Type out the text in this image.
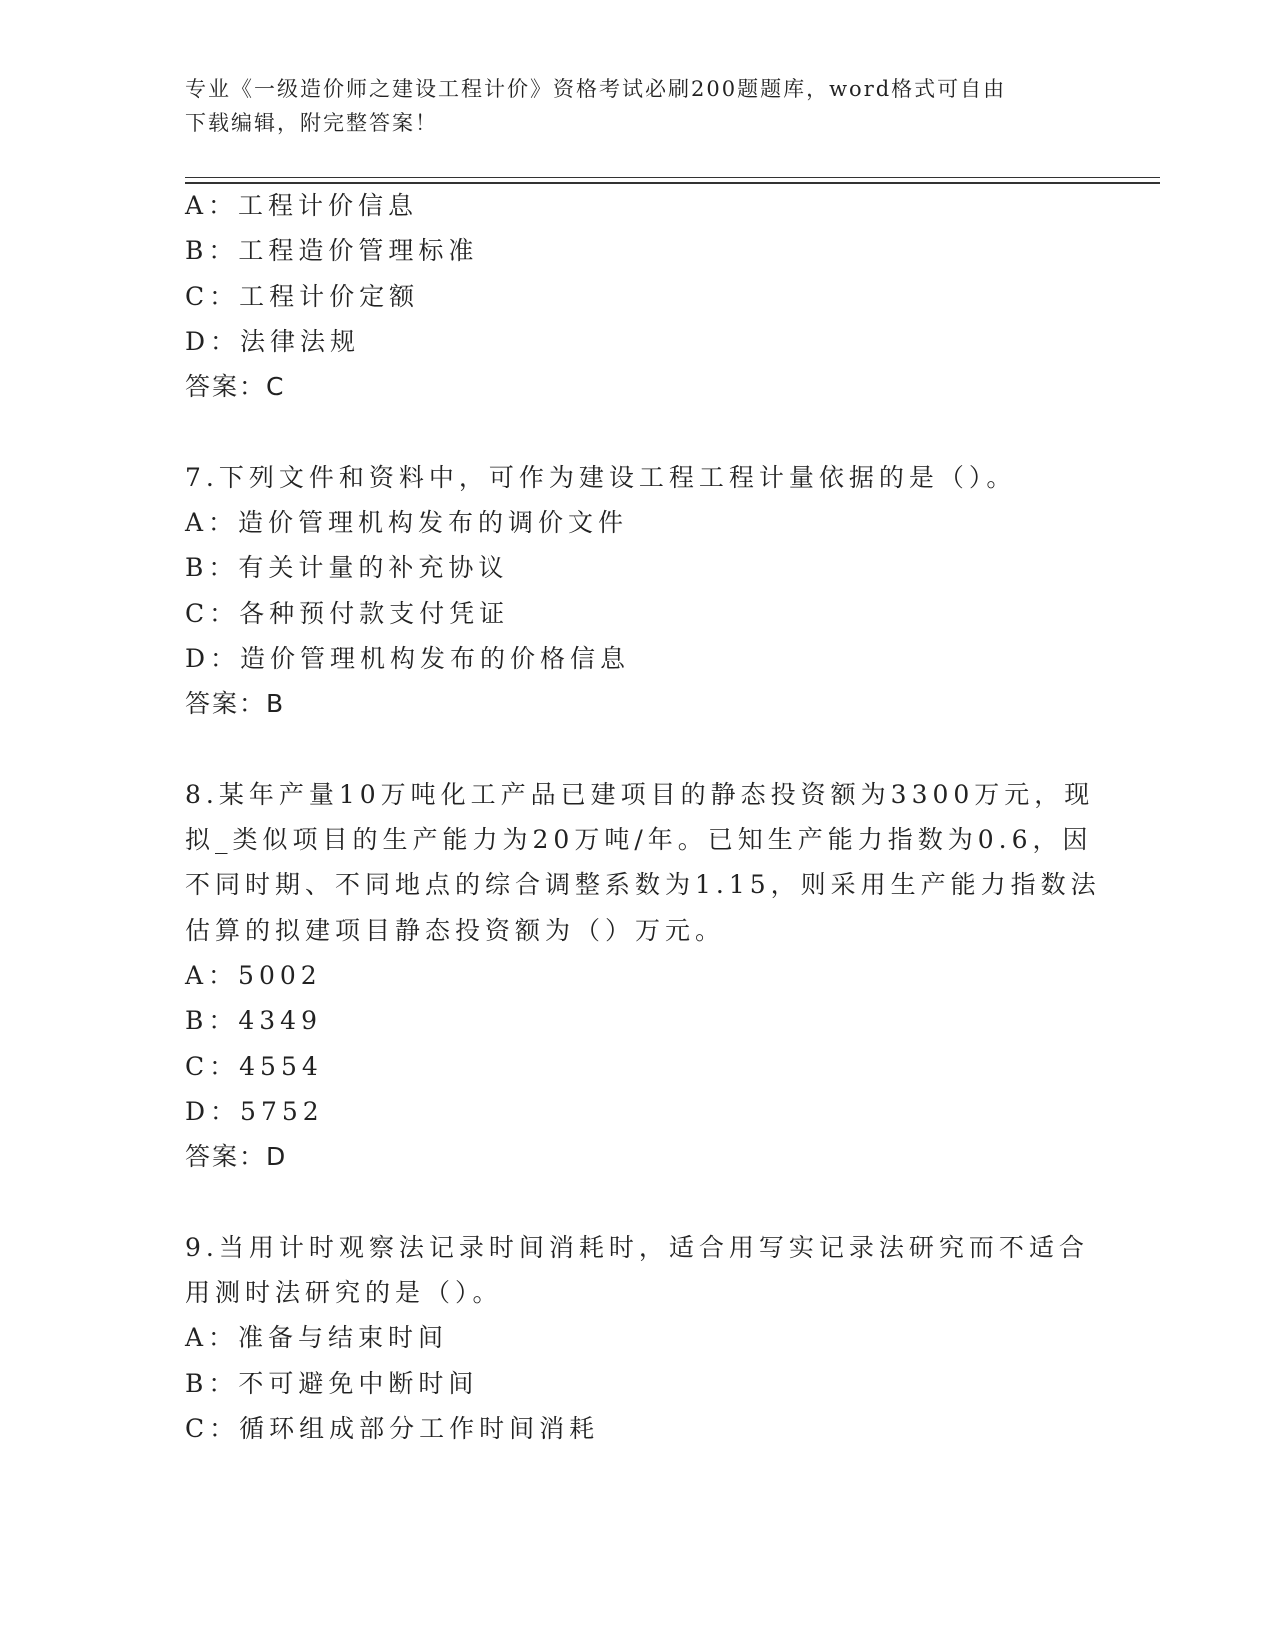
专业《一级造价师之建设工程计价》资格考试必刷200题题库，word格式可自由
下载编辑，附完整答案！
A：工程计价信息
B：工程造价管理标准
C：工程计价定额
D：法律法规
答案：C
7.下列文件和资料中，可作为建设工程工程计量依据的是（）。
A：造价管理机构发布的调价文件
B：有关计量的补充协议
C：各种预付款支付凭证
D：造价管理机构发布的价格信息
答案：B
8.某年产量10万吨化工产品已建项目的静态投资额为3300万元，现
拟_类似项目的生产能力为20万吨/年。已知生产能力指数为0.6，因
不同时期、不同地点的综合调整系数为1.15，则采用生产能力指数法
估算的拟建项目静态投资额为（）万元。
A：5002
B：4349
C：4554
D：5752
答案：D
9.当用计时观察法记录时间消耗时，适合用写实记录法研究而不适合
用测时法研究的是（）。
A：准备与结束时间
B：不可避免中断时间
C：循环组成部分工作时间消耗
